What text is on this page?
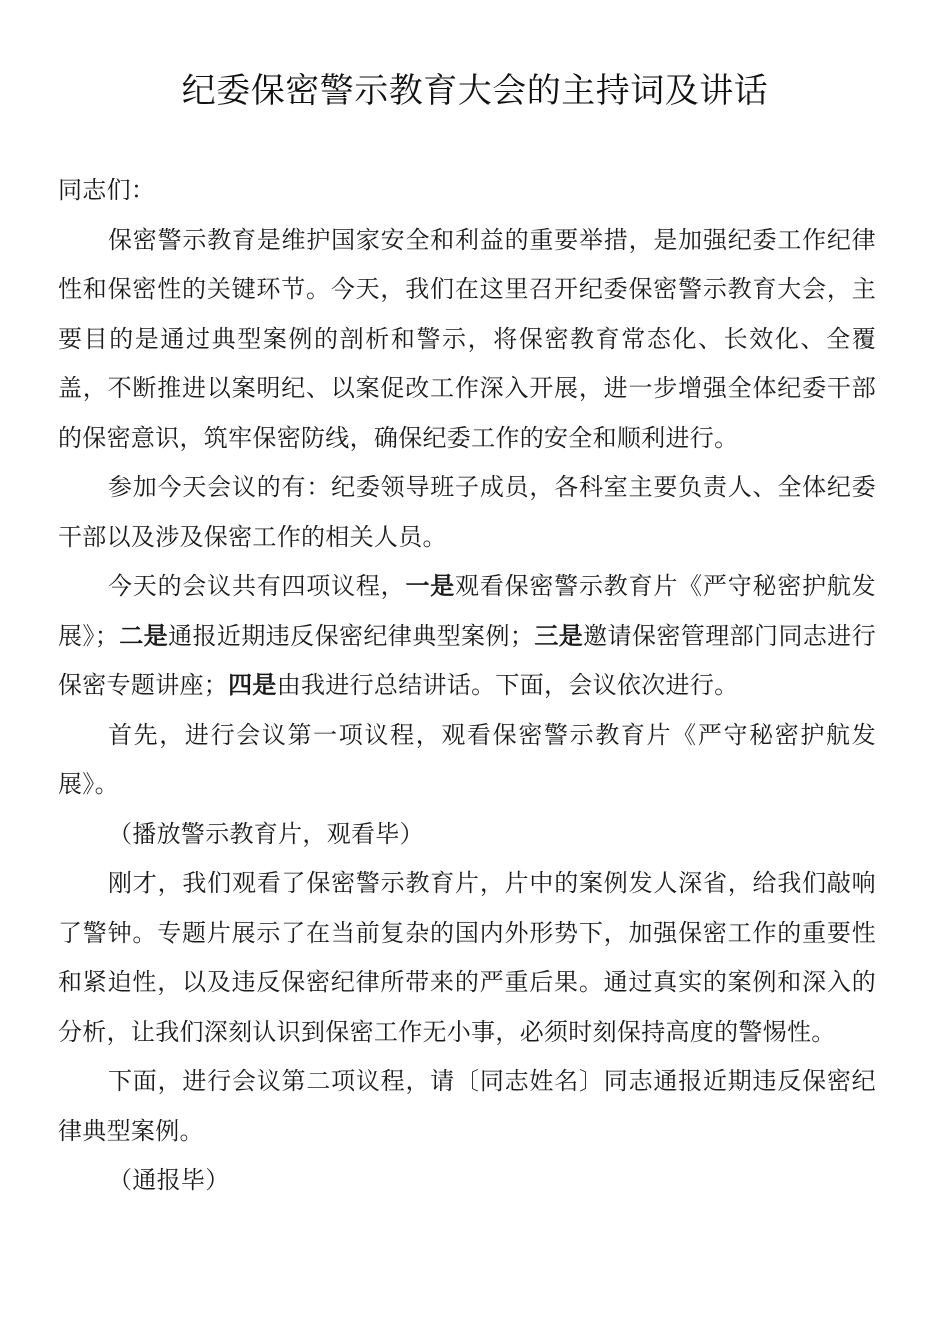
纪委保密警示教育大会的主持词及讲话

同志们：

保密警示教育是维护国家安全和利益的重要举措，是加强纪委工作纪律性和保密性的关键环节。今天，我们在这里召开纪委保密警示教育大会，主要目的是通过典型案例的剖析和警示，将保密教育常态化、长效化、全覆盖，不断推进以案明纪、以案促改工作深入开展，进一步增强全体纪委干部的保密意识，筑牢保密防线，确保纪委工作的安全和顺利进行。

参加今天会议的有：纪委领导班子成员，各科室主要负责人、全体纪委干部以及涉及保密工作的相关人员。

今天的会议共有四项议程，一是观看保密警示教育片《严守秘密护航发展》；二是通报近期违反保密纪律典型案例；三是邀请保密管理部门同志进行保密专题讲座；四是由我进行总结讲话。下面，会议依次进行。

首先，进行会议第一项议程，观看保密警示教育片《严守秘密护航发展》。

（播放警示教育片，观看毕）

刚才，我们观看了保密警示教育片，片中的案例发人深省，给我们敲响了警钟。专题片展示了在当前复杂的国内外形势下，加强保密工作的重要性和紧迫性，以及违反保密纪律所带来的严重后果。通过真实的案例和深入的分析，让我们深刻认识到保密工作无小事，必须时刻保持高度的警惕性。

下面，进行会议第二项议程，请〔同志姓名〕同志通报近期违反保密纪律典型案例。

（通报毕）
